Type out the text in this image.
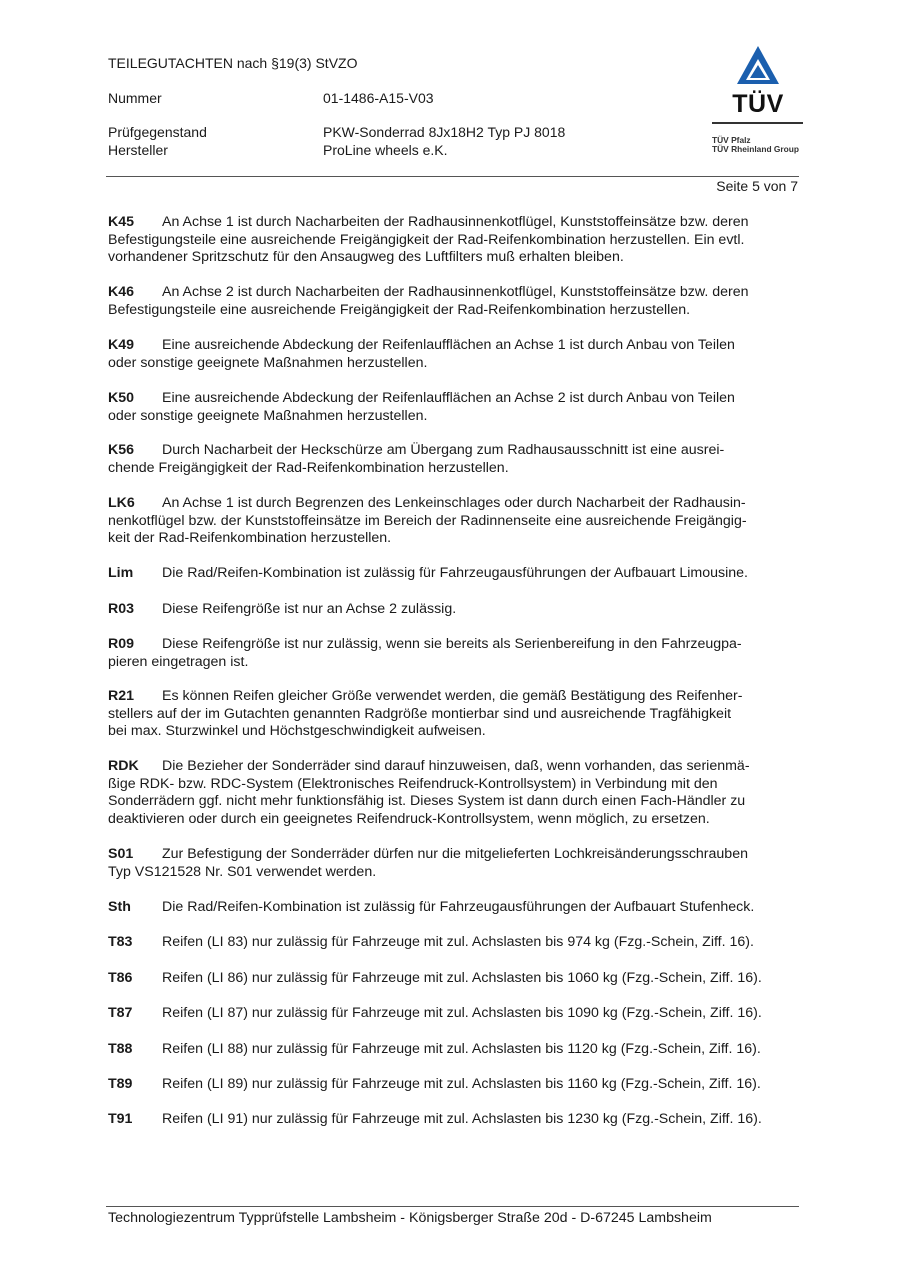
TEILEGUTACHTEN nach §19(3) StVZO
Nummer	01-1486-A15-V03
Prüfgegenstand	PKW-Sonderrad 8Jx18H2 Typ PJ 8018
Hersteller	ProLine wheels e.K.
TÜV
TÜV Pfalz
TÜV Rheinland Group
Seite 5 von 7
K45 An Achse 1 ist durch Nacharbeiten der Radhausinnenkotflügel, Kunststoffeinsätze bzw. deren
Befestigungsteile eine ausreichende Freigängigkeit der Rad-Reifenkombination herzustellen. Ein evtl.
vorhandener Spritzschutz für den Ansaugweg des Luftfilters muß erhalten bleiben.
K46 An Achse 2 ist durch Nacharbeiten der Radhausinnenkotflügel, Kunststoffeinsätze bzw. deren
Befestigungsteile eine ausreichende Freigängigkeit der Rad-Reifenkombination herzustellen.
K49 Eine ausreichende Abdeckung der Reifenlaufflächen an Achse 1 ist durch Anbau von Teilen
oder sonstige geeignete Maßnahmen herzustellen.
K50 Eine ausreichende Abdeckung der Reifenlaufflächen an Achse 2 ist durch Anbau von Teilen
oder sonstige geeignete Maßnahmen herzustellen.
K56 Durch Nacharbeit der Heckschürze am Übergang zum Radhausausschnitt ist eine ausrei-
chende Freigängigkeit der Rad-Reifenkombination herzustellen.
LK6 An Achse 1 ist durch Begrenzen des Lenkeinschlages oder durch Nacharbeit der Radhausin-
nenkotflügel bzw. der Kunststoffeinsätze im Bereich der Radinnenseite eine ausreichende Freigängig-
keit der Rad-Reifenkombination herzustellen.
Lim Die Rad/Reifen-Kombination ist zulässig für Fahrzeugausführungen der Aufbauart Limousine.
R03 Diese Reifengröße ist nur an Achse 2 zulässig.
R09 Diese Reifengröße ist nur zulässig, wenn sie bereits als Serienbereifung in den Fahrzeugpa-
pieren eingetragen ist.
R21 Es können Reifen gleicher Größe verwendet werden, die gemäß Bestätigung des Reifenher-
stellers auf der im Gutachten genannten Radgröße montierbar sind und ausreichende Tragfähigkeit
bei max. Sturzwinkel und Höchstgeschwindigkeit aufweisen.
RDK Die Bezieher der Sonderräder sind darauf hinzuweisen, daß, wenn vorhanden, das serienmä-
ßige RDK- bzw. RDC-System (Elektronisches Reifendruck-Kontrollsystem) in Verbindung mit den
Sonderrädern ggf. nicht mehr funktionsfähig ist. Dieses System ist dann durch einen Fach-Händler zu
deaktivieren oder durch ein geeignetes Reifendruck-Kontrollsystem, wenn möglich, zu ersetzen.
S01 Zur Befestigung der Sonderräder dürfen nur die mitgelieferten Lochkreisänderungsschrauben
Typ VS121528 Nr. S01 verwendet werden.
Sth Die Rad/Reifen-Kombination ist zulässig für Fahrzeugausführungen der Aufbauart Stufenheck.
T83 Reifen (LI 83) nur zulässig für Fahrzeuge mit zul. Achslasten bis 974 kg (Fzg.-Schein, Ziff. 16).
T86 Reifen (LI 86) nur zulässig für Fahrzeuge mit zul. Achslasten bis 1060 kg (Fzg.-Schein, Ziff. 16).
T87 Reifen (LI 87) nur zulässig für Fahrzeuge mit zul. Achslasten bis 1090 kg (Fzg.-Schein, Ziff. 16).
T88 Reifen (LI 88) nur zulässig für Fahrzeuge mit zul. Achslasten bis 1120 kg (Fzg.-Schein, Ziff. 16).
T89 Reifen (LI 89) nur zulässig für Fahrzeuge mit zul. Achslasten bis 1160 kg (Fzg.-Schein, Ziff. 16).
T91 Reifen (LI 91) nur zulässig für Fahrzeuge mit zul. Achslasten bis 1230 kg (Fzg.-Schein, Ziff. 16).
Technologiezentrum Typprüfstelle Lambsheim - Königsberger Straße 20d - D-67245 Lambsheim
